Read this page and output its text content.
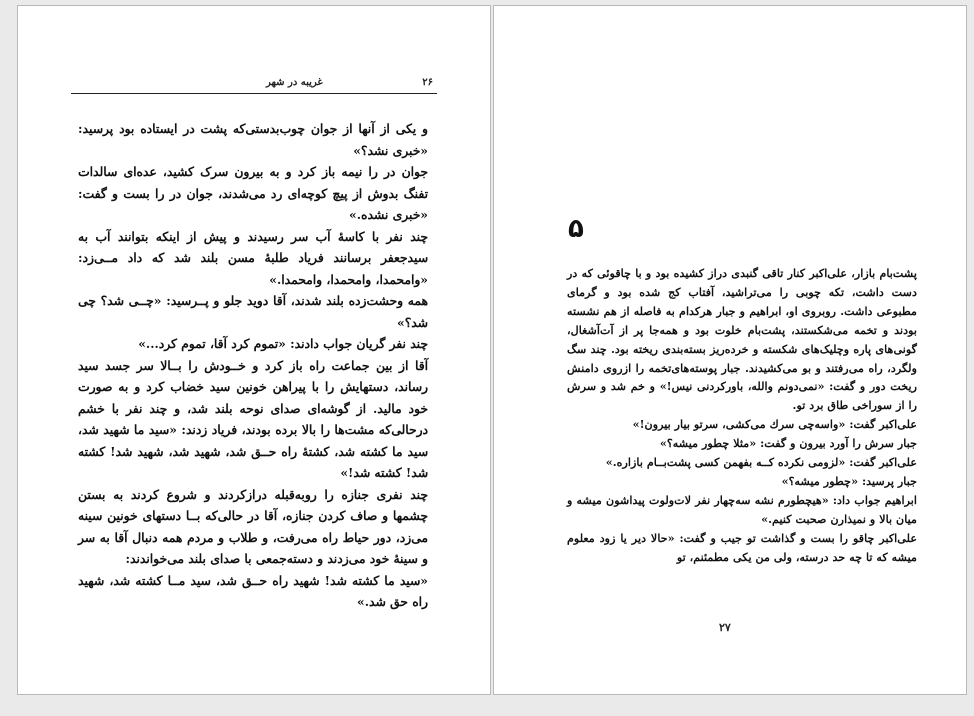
۲۶
غریبه در شهر

و یکی از آنها از جوان چوب‌بدستی‌که پشت در ایستاده بود پرسید: «خبری نشد؟»

جوان در را نیمه باز کرد و به بیرون سرک کشید، عده‌ای سالدات تفنگ بدوش از پیچ کوچه‌ای رد می‌شدند، جوان در را بست و گفت: «خبری نشده.»

چند نفر با کاسهٔ آب سر رسیدند و پیش از اینکه بتوانند آب به سیدجعفر برسانند فریاد طلبهٔ مسن بلند شد که داد مــی‌زد: «وامحمدا، وامحمدا، وامحمدا.»

همه وحشت‌زده بلند شدند، آقا دوید جلو و پــرسید: «چــی شد؟ چی شد؟»

چند نفر گریان جواب دادند: «تموم کرد آقا، تموم کرد...»

آقا از بین جماعت راه باز کرد و خــودش را بــالا سر جسد سید رساند، دستهایش را با پیراهن خونین سید خضاب کرد و به صورت خود مالید. از گوشه‌ای صدای نوحه بلند شد، و چند نفر با خشم درحالی‌که مشت‌ها را بالا برده بودند، فریاد زدند: «سید ما شهید شد، سید ما کشته شد، کشتهٔ راه حــق شد، شهید شد، شهید شد! کشته شد! کشته شد!»

چند نفری جنازه را روبه‌قبله درازکردند و شروع کردند به بستن چشمها و صاف کردن جنازه، آقا در حالی‌که بــا دستهای خونین سینه می‌زد، دور حیاط راه می‌رفت، و طلاب و مردم همه دنبال آقا به سر و سینهٔ خود می‌زدند و دسته‌جمعی با صدای بلند می‌خواندند:

«سید ما کشته شد! شهید راه حــق شد، سید مــا کشته شد، شهید راه حق شد.»

۵

پشت‌بام بازار، علی‌اکبر کنار تاقی گنبدی دراز کشیده بود و با چاقوئی که در دست داشت، تکه چوبی را می‌تراشید، آفتاب کج شده بود و گرمای مطبوعی داشت. روبروی او، ابراهیم و جبار هرکدام به فاصله از هم نشسته بودند و تخمه می‌شکستند، پشت‌بام خلوت بود و همه‌جا پر از آت‌آشغال، گونی‌های پاره وچلیک‌های شکسته و خرده‌ریز بسته‌بندی ریخته بود. چند سگ ولگرد، راه می‌رفتند و بو می‌کشیدند. جبار پوسته‌های‌تخمه را ازروی دامنش ریخت دور و گفت: «نمی‌دونم والله، باورکردنی نیس!» و خم شد و سرش را از سوراخی طاق برد تو.

علی‌اکبر گفت: «واسه‌چی سرك می‌کشی، سرتو بیار بیرون!»

جبار سرش را آورد بیرون و گفت: «مثلا چطور میشه؟»

علی‌اکبر گفت: «لزومی نکرده کــه بفهمن کسی پشت‌بــام بازاره.»

جبار پرسید: «چطور میشه؟»

ابراهیم جواب داد: «هیچطورم نشه سه‌چهار نفر لات‌ولوت پیداشون میشه و میان بالا و نمیذارن صحبت کنیم.»

علی‌اکبر چاقو را بست و گذاشت تو جیب و گفت: «حالا دیر یا زود معلوم میشه که تا چه حد درسته، ولی من یکی مطمئنم، تو

۲۷
